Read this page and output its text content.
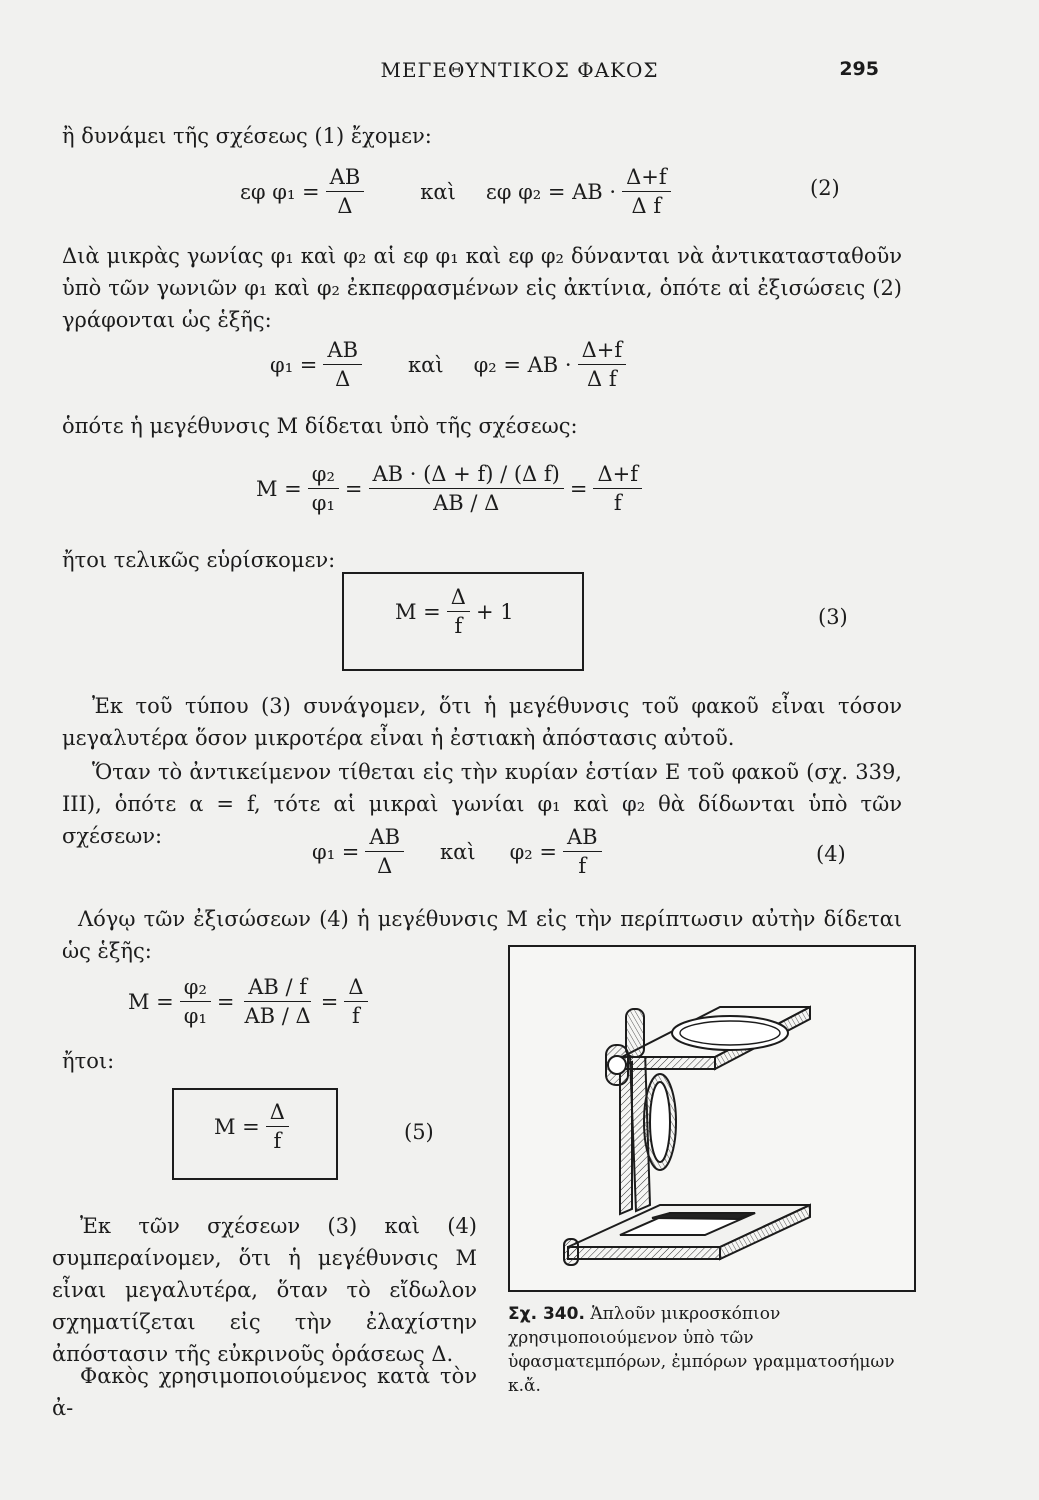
ΜΕΓΕΘΥΝΤΙΚΟΣ ΦΑΚΟΣ	295
ἢ δυνάμει τῆς σχέσεως (1) ἔχομεν:
εφ $\varphi_1 = \frac{AB}{\Delta}$	καὶ εφ φ₂ = AB · $\frac{\Delta+f}{\text{Δ f}}$	(2)
Διὰ μικρὰς γωνίας φ₁ καὶ φ₂ αἱ εφ φ₁ καὶ εφ φ₂ δύνανται νὰ ἀντικατασταθοῦν ὑπὸ τῶν γωνιῶν φ₁ καὶ φ₂ ἐκπεφρασμένων εἰς ἀκτίνια, ὁπότε αἱ ἐξισώσεις (2) γράφονται ὡς ἑξῆς:
$\varphi_1 = \frac{AB}{\Delta}$ καὶ φ₂ = AB · $\frac{\Delta+f}{\text{Δ f}}$
ὁπότε ἡ μεγέθυνσις Μ δίδεται ὑπὸ τῆς σχέσεως:
$M = \frac{\text{φ₂}}{\text{φ₁}} = \frac{\text{AB · (Δ + f) / (Δ f)}}{AB / \Delta} = \frac{\Delta+f}{f}$
ἤτοι τελικῶς εὑρίσκομεν:
$M = \frac{\Delta}{f} + 1$	(3)
Ἐκ τοῦ τύπου (3) συνάγομεν, ὅτι ἡ μεγέθυνσις τοῦ φακοῦ εἶναι τόσον μεγαλυτέρα ὅσον μικροτέρα εἶναι ἡ ἐστιακὴ ἀπόστασις αὐτοῦ.
Ὅταν τὸ ἀντικείμενον τίθεται εἰς τὴν κυρίαν ἑστίαν Ε τοῦ φακοῦ (σχ. 339, III), ὁπότε α = f, τότε αἱ μικραὶ γωνίαι φ₁ καὶ φ₂ θὰ δίδωνται ὑπὸ τῶν σχέσεων:
$\varphi_1 = \frac{AB}{\Delta}$ καὶ $\varphi_2 = \frac{AB}{f}$	(4)
Λόγῳ τῶν ἐξισώσεων (4) ἡ μεγέθυνσις Μ εἰς τὴν περίπτωσιν αὐτὴν δίδεται ὡς ἑξῆς:
$M = \frac{\text{φ₂}}{\text{φ₁}} = \frac{AB / f}{AB / \Delta} = \frac{\Delta}{f}$
ἤτοι:
$M = \frac{\Delta}{f}$	(5)
Ἐκ τῶν σχέσεων (3) καὶ (4) συμπεραίνομεν, ὅτι ἡ μεγέθυνσις Μ εἶναι μεγαλυτέρα, ὅταν τὸ εἴδωλον σχηματίζεται εἰς τὴν ἐλαχίστην ἀπόστασιν τῆς εὐκρινοῦς ὁράσεως Δ.
Φακὸς χρησιμοποιούμενος κατὰ τὸν ἀ-
Σχ. 340. Ἁπλοῦν μικροσκόπιον χρησιμοποιούμενον ὑπὸ τῶν ὑφασματεμπόρων, ἐμπόρων γραμματοσήμων κ.ἄ.
